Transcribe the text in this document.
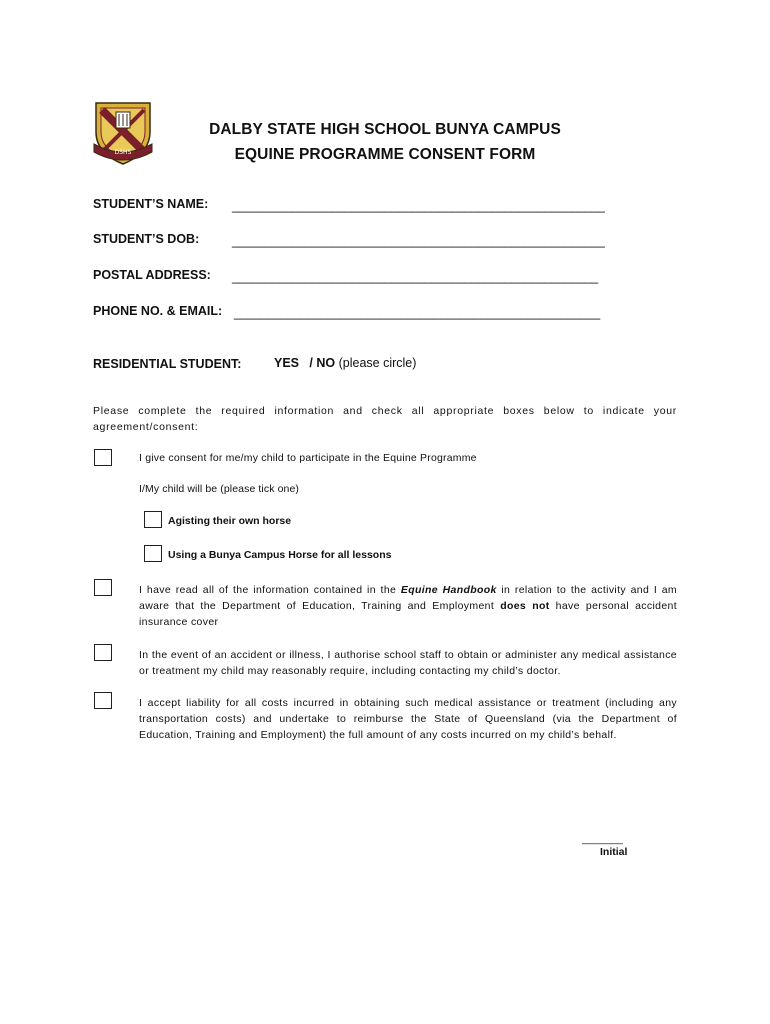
DSHS
DALBY STATE HIGH SCHOOL BUNYA CAMPUS
EQUINE PROGRAMME CONSENT FORM
STUDENT’S NAME: ________________________________________________________
STUDENT’S DOB:	________________________________________________________
POSTAL ADDRESS: _______________________________________________________
PHONE NO. & EMAIL: _______________________________________________________
RESIDENTIAL STUDENT:	YES   / NO (please circle)
Please complete the required information and check all appropriate boxes below to indicate your agreement/consent:
I give consent for me/my child to participate in the Equine Programme
I/My child will be (please tick one)
Agisting their own horse
Using a Bunya Campus Horse for all lessons
I have read all of the information contained in the Equine Handbook in relation to the activity and I am aware that the Department of Education, Training and Employment does not have personal accident insurance cover
In the event of an accident or illness, I authorise school staff to obtain or administer any medical assistance or treatment my child may reasonably require, including contacting my child’s doctor.
I accept liability for all costs incurred in obtaining such medical assistance or treatment (including any transportation costs) and undertake to reimburse the State of Queensland (via the Department of Education, Training and Employment) the full amount of any costs incurred on my child’s behalf.
_______
Initial
